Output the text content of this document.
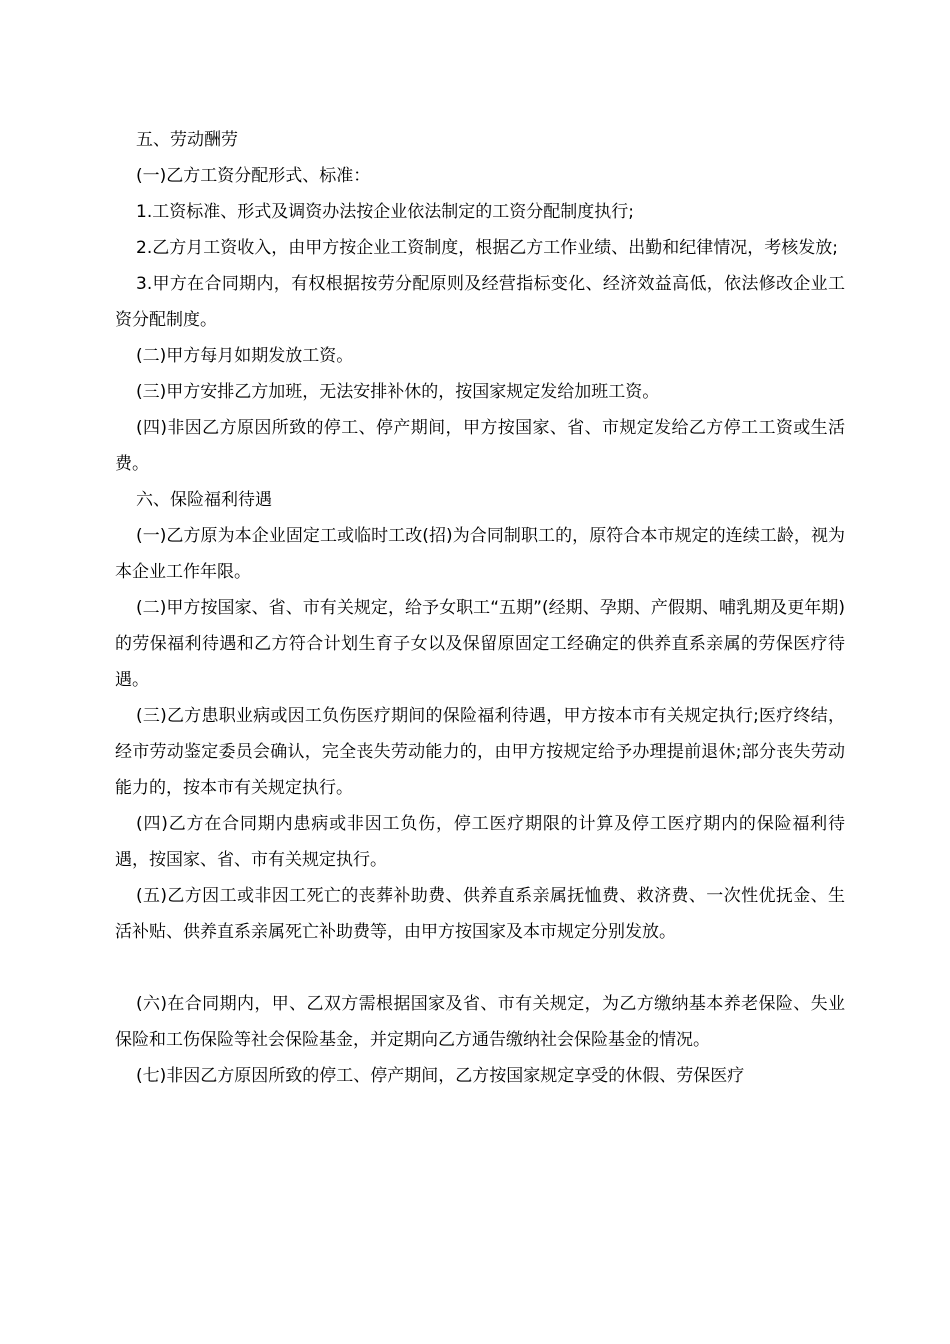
五、劳动酬劳

(一)乙方工资分配形式、标准：

1.工资标准、形式及调资办法按企业依法制定的工资分配制度执行;

2.乙方月工资收入，由甲方按企业工资制度，根据乙方工作业绩、出勤和纪律情况，考核发放;

3.甲方在合同期内，有权根据按劳分配原则及经营指标变化、经济效益高低，依法修改企业工资分配制度。

(二)甲方每月如期发放工资。

(三)甲方安排乙方加班，无法安排补休的，按国家规定发给加班工资。

(四)非因乙方原因所致的停工、停产期间，甲方按国家、省、市规定发给乙方停工工资或生活费。

六、保险福利待遇

(一)乙方原为本企业固定工或临时工改(招)为合同制职工的，原符合本市规定的连续工龄，视为本企业工作年限。

(二)甲方按国家、省、市有关规定，给予女职工“五期”(经期、孕期、产假期、哺乳期及更年期)的劳保福利待遇和乙方符合计划生育子女以及保留原固定工经确定的供养直系亲属的劳保医疗待遇。

(三)乙方患职业病或因工负伤医疗期间的保险福利待遇，甲方按本市有关规定执行;医疗终结，经市劳动鉴定委员会确认，完全丧失劳动能力的，由甲方按规定给予办理提前退休;部分丧失劳动能力的，按本市有关规定执行。

(四)乙方在合同期内患病或非因工负伤，停工医疗期限的计算及停工医疗期内的保险福利待遇，按国家、省、市有关规定执行。

(五)乙方因工或非因工死亡的丧葬补助费、供养直系亲属抚恤费、救济费、一次性优抚金、生活补贴、供养直系亲属死亡补助费等，由甲方按国家及本市规定分别发放。

(六)在合同期内，甲、乙双方需根据国家及省、市有关规定，为乙方缴纳基本养老保险、失业保险和工伤保险等社会保险基金，并定期向乙方通告缴纳社会保险基金的情况。

(七)非因乙方原因所致的停工、停产期间，乙方按国家规定享受的休假、劳保医疗
